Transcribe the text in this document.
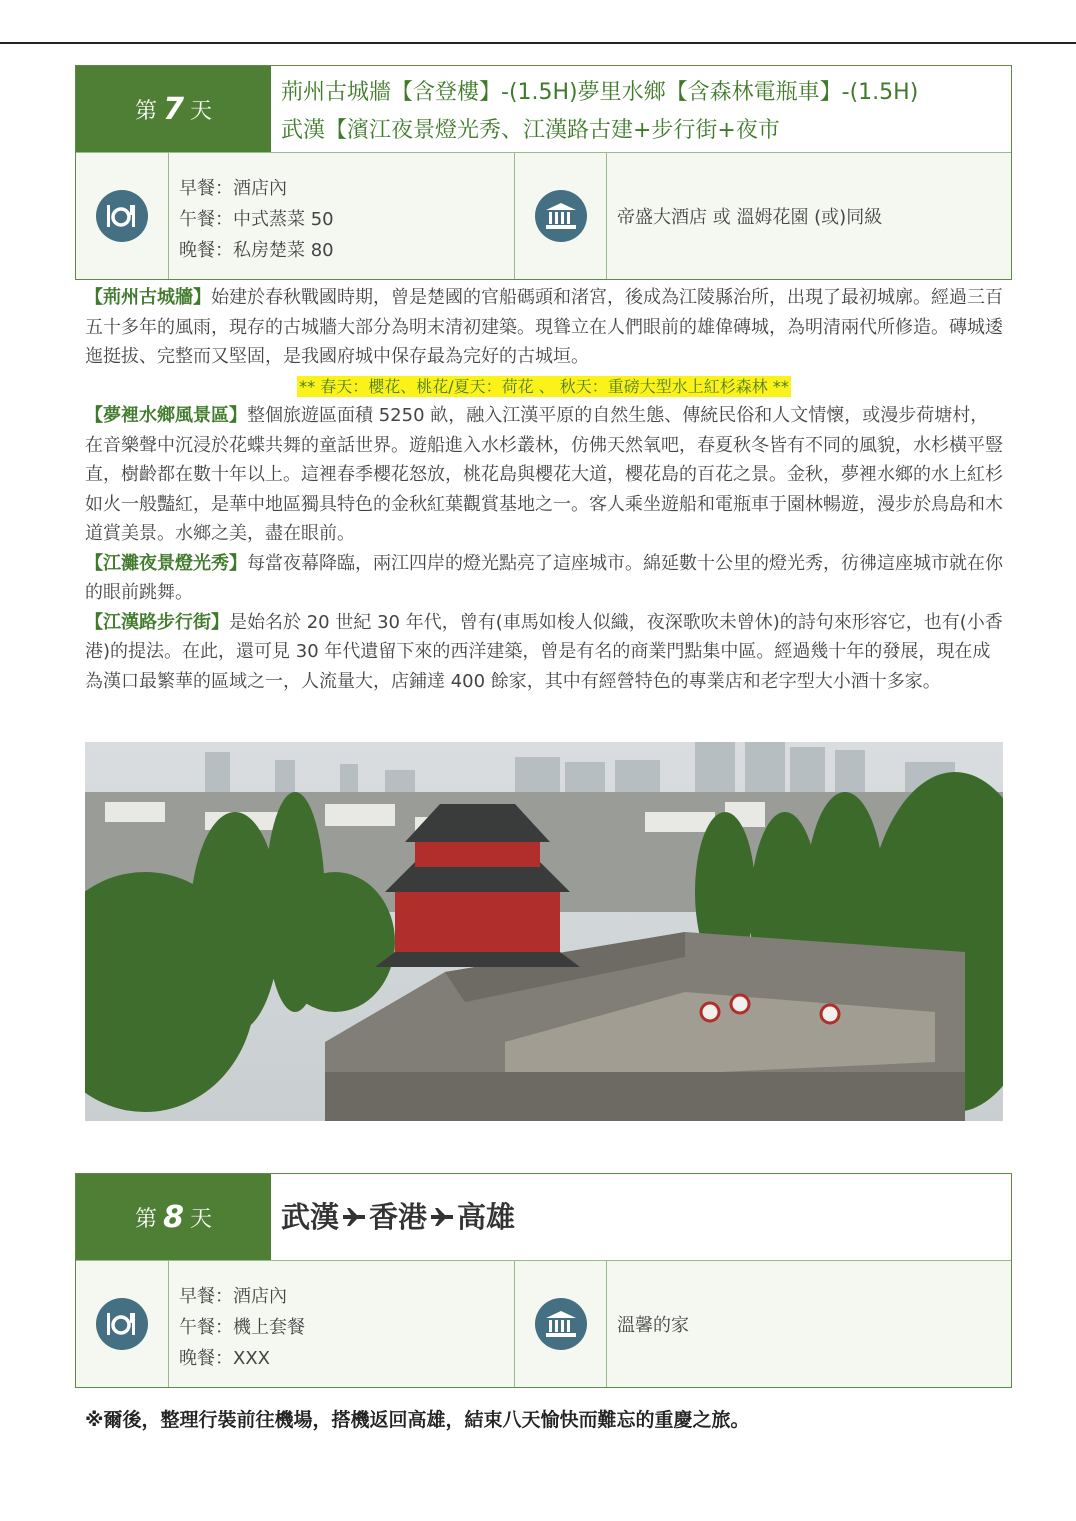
第 7 天
荊州古城牆【含登樓】-(1.5H)夢里水鄉【含森林電瓶車】-(1.5H)
武漢【濱江夜景燈光秀、江漢路古建+步行街+夜市
早餐：酒店內
午餐：中式蒸菜 50
晚餐：私房楚菜 80
帝盛大酒店 或 溫姆花園 (或)同級

【荊州古城牆】始建於春秋戰國時期，曾是楚國的官船碼頭和渚宮，後成為江陵縣治所，出現了最初城廓。經過三百五十多年的風雨，現存的古城牆大部分為明末清初建築。現聳立在人們眼前的雄偉磚城，為明清兩代所修造。磚城逶迤挺拔、完整而又堅固，是我國府城中保存最為完好的古城垣。

** 春天：櫻花、桃花/夏天：荷花 、 秋天：重磅大型水上紅杉森林 **

【夢裡水鄉風景區】整個旅遊區面積 5250 畝，融入江漢平原的自然生態、傳統民俗和人文情懷，或漫步荷塘村，在音樂聲中沉浸於花蝶共舞的童話世界。遊船進入水杉叢林，仿佛天然氧吧，春夏秋冬皆有不同的風貌，水杉橫平豎直，樹齡都在數十年以上。這裡春季櫻花怒放，桃花島與櫻花大道，櫻花島的百花之景。金秋，夢裡水鄉的水上紅杉如火一般豔紅，是華中地區獨具特色的金秋紅葉觀賞基地之一。客人乘坐遊船和電瓶車于園林暢遊，漫步於鳥島和木道賞美景。水鄉之美，盡在眼前。

【江灘夜景燈光秀】每當夜幕降臨，兩江四岸的燈光點亮了這座城市。綿延數十公里的燈光秀，彷彿這座城市就在你的眼前跳舞。

【江漢路步行街】是始名於 20 世紀 30 年代，曾有(車馬如梭人似織，夜深歌吹未曾休)的詩句來形容它，也有(小香港)的提法。在此，還可見 30 年代遺留下來的西洋建築，曾是有名的商業門點集中區。經過幾十年的發展，現在成為漢口最繁華的區域之一，人流量大，店鋪達 400 餘家，其中有經營特色的專業店和老字型大小酒十多家。

第 8 天 武漢 香港 高雄
早餐：酒店內
午餐：機上套餐
晚餐：XXX
溫馨的家
※爾後，整理行裝前往機場，搭機返回高雄，結束八天愉快而難忘的重慶之旅。
